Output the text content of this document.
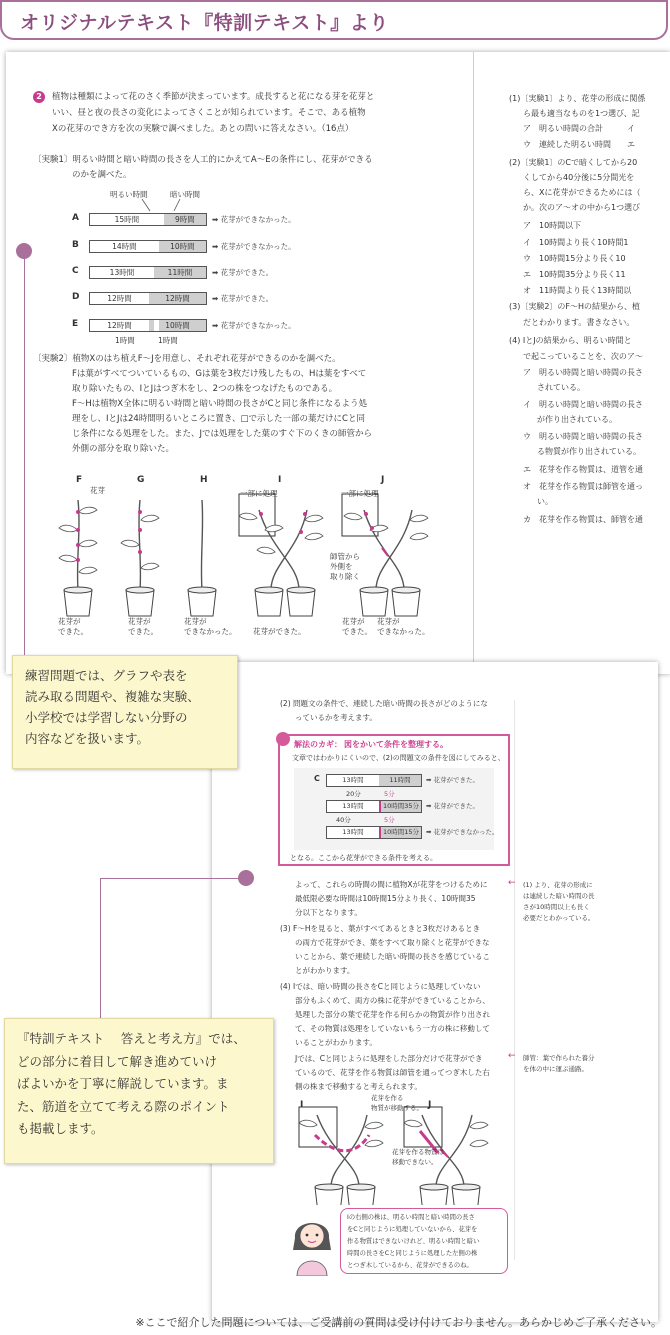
オリジナルテキスト『特訓テキスト』より
2	植物は種類によって花のさく季節が決まっています。成長すると花になる芽を花芽と
いい、昼と夜の長さの変化によってさくことが知られています。そこで、ある植物
Xの花芽のでき方を次の実験で調べました。あとの問いに答えなさい。（16点）
〔実験1〕明るい時間と暗い時間の長さを人工的にかえてA〜Eの条件にし、花芽ができる
のかを調べた。
明るい時間	暗い時間
A	15時間	9時間	➡ 花芽ができなかった。
B	14時間	10時間	➡ 花芽ができなかった。
C	13時間	11時間	➡ 花芽ができた。
D	12時間	12時間	➡ 花芽ができた。
E	12時間	10時間	➡ 花芽ができなかった。
1時間	1時間
〔実験2〕植物Xのはち植えF〜Jを用意し、それぞれ花芽ができるのかを調べた。
Fは葉がすべてついているもの、Gは葉を3枚だけ残したもの、Hは葉をすべて
取り除いたもの、IとJはつぎ木をし、2つの株をつなげたものである。
F〜Hは植物X全体に明るい時間と暗い時間の長さがCと同じ条件になるよう処
理をし、IとJは24時間明るいところに置き、□で示した一部の葉だけにCと同
じ条件になる処理をした。また、Jでは処理をした葉のすぐ下のくきの師管から
外側の部分を取り除いた。
F	G	H	I	J
花芽	一部に処理	一部に処理
師管から
外側を
取り除く
花芽が
できた。
花芽が
できた。
花芽が
できなかった。 花芽ができた。
花芽が
できた。
花芽が
できなかった。
(1)〔実験1〕より、花芽の形成に関係
ら最も適当なものを1つ選び、記
ア　明るい時間の合計　　　イ
ウ　連続した明るい時間　　エ
(2)〔実験1〕のCで暗くしてから20
くしてから40分後に5分間光を
ら、Xに花芽ができるためには（
か。次のア〜オの中から1つ選び
ア　10時間以下
イ　10時間より長く10時間1
ウ　10時間15分より長く10
エ　10時間35分より長く11
オ　11時間より長く13時間以
(3)〔実験2〕のF〜Hの結果から、植
だとわかります。書きなさい。
(4) IとJの結果から、明るい時間と
で起こっていることを、次のア〜
ア　明るい時間と暗い時間の長さ
されている。
イ　明るい時間と暗い時間の長さ
が作り出されている。
ウ　明るい時間と暗い時間の長さ
る物質が作り出されている。
エ　花芽を作る物質は、道管を通
オ　花芽を作る物質は師管を通っ
い。
カ　花芽を作る物質は、師管を通
練習問題では、グラフや表を
読み取る問題や、複雑な実験、
小学校では学習しない分野の
内容などを扱います。
(2) 問題文の条件で、連続した暗い時間の長さがどのようにな
っているかを考えます。
解法のカギ： 図をかいて条件を整理する。
文章ではわかりにくいので、(2)の問題文の条件を図にしてみると、
C	13時間	11時間	➡ 花芽ができた。
13時間	10時間35分	➡ 花芽ができた。
20分	5分
13時間	10時間15分	➡ 花芽ができなかった。
40分	5分
となる。ここから花芽ができる条件を考える。
よって、これらの時間の間に植物Xが花芽をつけるために
最低限必要な時間は10時間15分より長く、10時間35
分以下となります。
← (1) より、花芽の形成に
は連続した暗い時間の長
さが10時間以上も長く
必要だとわかっている。
(3) F〜Hを見ると、葉がすべてあるときと3枚だけあるとき
の両方で花芽ができ、葉をすべて取り除くと花芽ができな
いことから、葉で連続した暗い時間の長さを感じているこ
とがわかります。
(4) Iでは、暗い時間の長さをCと同じように処理していない
部分もふくめて、両方の株に花芽ができていることから、
処理した部分の葉で花芽を作る何らかの物質が作り出され
て、その物質は処理をしていないもう一方の株に移動して
いることがわかります。
Jでは、Cと同じように処理をした部分だけで花芽ができ
ているので、花芽を作る物質は師管を通ってつぎ木した右
側の株まで移動すると考えられます。
← 師管：葉で作られた養分
を体の中に運ぶ通路。
I	J
花芽を作る
物質が移動する。
花芽を作る物質は
移動できない。
Iの右側の株は、明るい時間と暗い時間の長さ
をCと同じように処理していないから、花芽を
作る物質はできないけれど、明るい時間と暗い
時間の長さをCと同じように処理した左側の株
とつぎ木しているから、花芽ができるのね。
『特訓テキスト　 答えと考え方』では、
どの部分に着目して解き進めていけ
ばよいかを丁寧に解説しています。ま
た、筋道を立てて考える際のポイント
も掲載します。
※ここで紹介した問題については、ご受講前の質問は受け付けておりません。あらかじめご了承ください。
